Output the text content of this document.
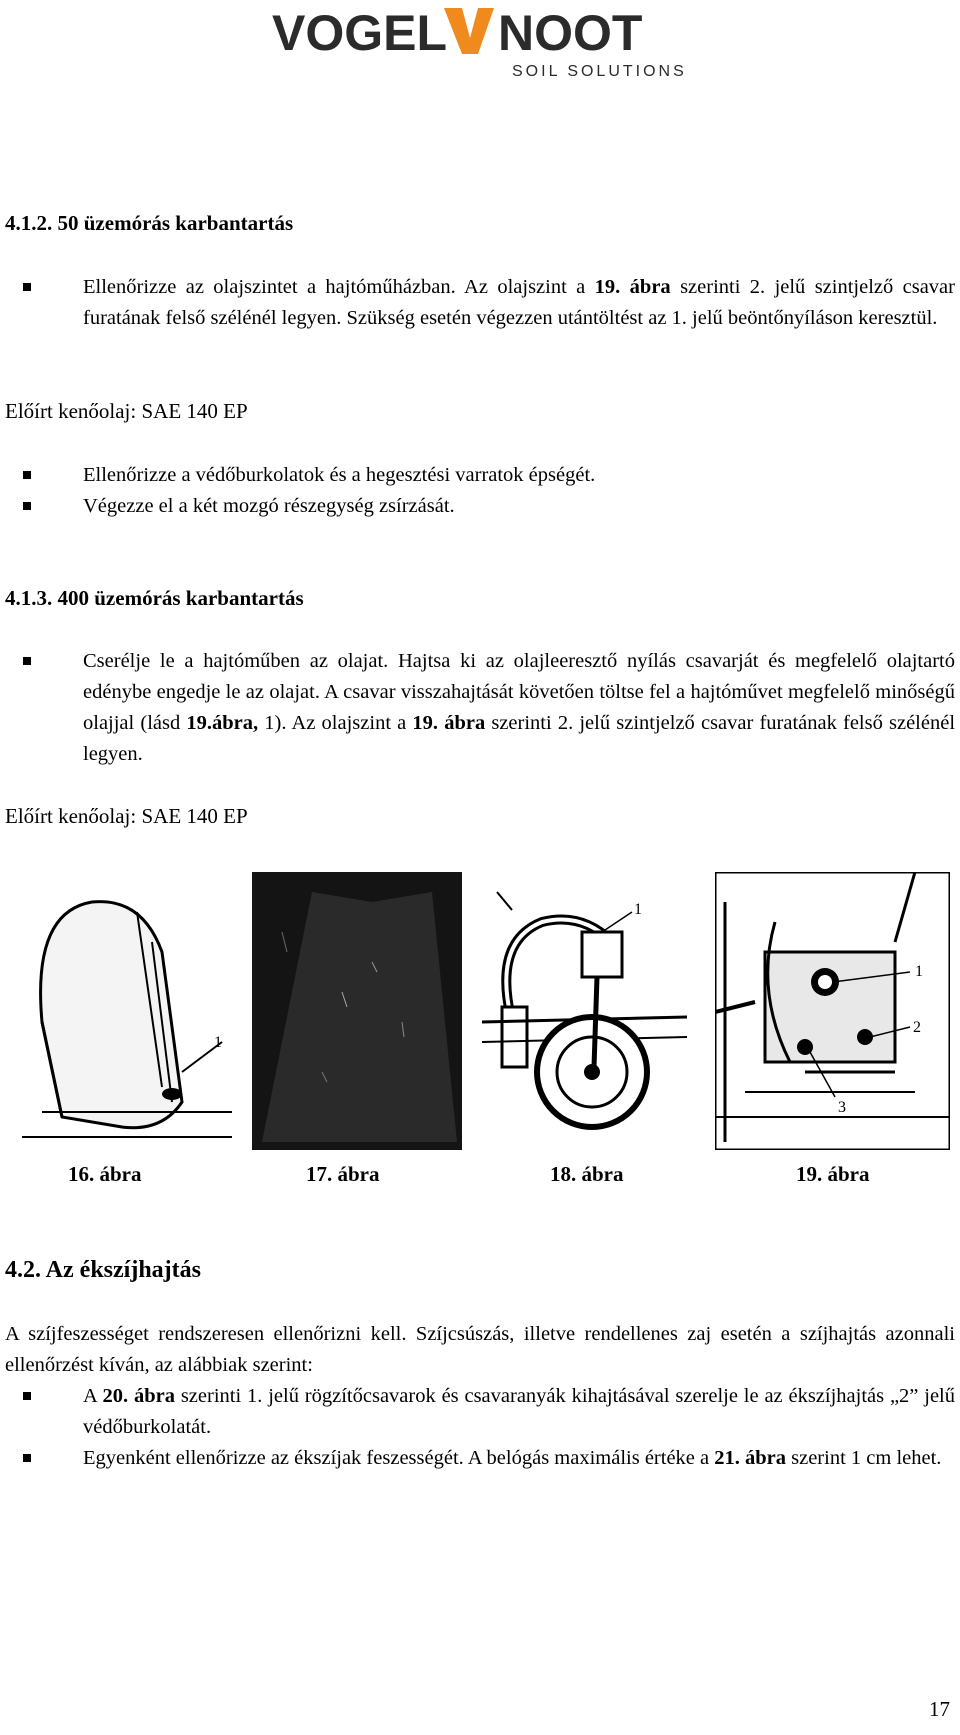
VOGEL NOOT
SOIL SOLUTIONS
4.1.2. 50 üzemórás karbantartás
Ellenőrizze az olajszintet a hajtóműházban. Az olajszint a 19. ábra szerinti 2. jelű szintjelző csavar furatának felső szélénél legyen. Szükség esetén végezzen utántöltést az 1. jelű beöntőnyíláson keresztül.
Előírt kenőolaj: SAE 140 EP
Ellenőrizze a védőburkolatok és a hegesztési varratok épségét.
Végezze el a két mozgó részegység zsírzását.
4.1.3. 400 üzemórás karbantartás
Cserélje le a hajtóműben az olajat. Hajtsa ki az olajleeresztő nyílás csavarját és megfelelő olajtartó edénybe engedje le az olajat. A csavar visszahajtását követően töltse fel a hajtóművet megfelelő minőségű olajjal (lásd 19.ábra, 1). Az olajszint a 19. ábra szerinti 2. jelű szintjelző csavar furatának felső szélénél legyen.
Előírt kenőolaj: SAE 140 EP
1
1
1
2
3
16. ábra	17. ábra	18. ábra	19. ábra
4.2. Az ékszíjhajtás
A szíjfeszességet rendszeresen ellenőrizni kell. Szíjcsúszás, illetve rendellenes zaj esetén a szíjhajtás azonnali ellenőrzést kíván, az alábbiak szerint:
A 20. ábra szerinti 1. jelű rögzítőcsavarok és csavaranyák kihajtásával szerelje le az ékszíjhajtás „2” jelű védőburkolatát.
Egyenként ellenőrizze az ékszíjak feszességét. A belógás maximális értéke a 21. ábra szerint 1 cm lehet.
17
